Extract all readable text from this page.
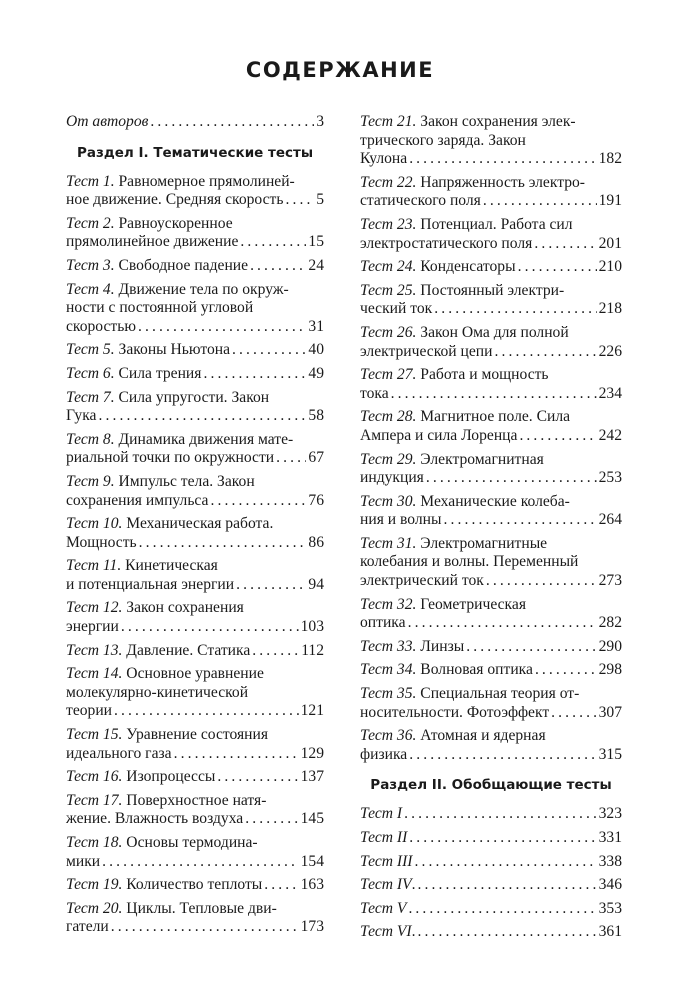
СОДЕРЖАНИЕ
От авторов . . .	3
Раздел I. Тематические тесты
Тест 1. Равномерное прямолиней-
ное движение. Средняя скорость . . . 5
Тест 2. Равноускоренное
прямолинейное движение . . .	15
Тест 3. Свободное падение . . .	24
Тест 4. Движение тела по окруж-
ности с постоянной угловой
скоростью . . .	31
Тест 5. Законы Ньютона . . .	40
Тест 6. Сила трения . . .	49
Тест 7. Сила упругости. Закон
Гука . . .	58
Тест 8. Динамика движения мате-
риальной точки по окружности . . . 67
Тест 9. Импульс тела. Закон
сохранения импульса . . .	76
Тест 10. Механическая работа.
Мощность . . .	86
Тест 11. Кинетическая
и потенциальная энергии . . .	94
Тест 12. Закон сохранения
энергии . . .	103
Тест 13. Давление. Статика . . .	112
Тест 14. Основное уравнение
молекулярно-кинетической
теории . . .	121
Тест 15. Уравнение состояния
идеального газа . . .	129
Тест 16. Изопроцессы . . .	137
Тест 17. Поверхностное натя-
жение. Влажность воздуха . . .	145
Тест 18. Основы термодина-
мики . . .	154
Тест 19. Количество теплоты . . . 163
Тест 20. Циклы. Тепловые дви-
гатели . . .	173
Тест 21. Закон сохранения элек-
трического заряда. Закон
Кулона . . .	182
Тест 22. Напряженность электро-
статического поля . . .	191
Тест 23. Потенциал. Работа сил
электростатического поля . . .	201
Тест 24. Конденсаторы . . .	210
Тест 25. Постоянный электри-
ческий ток . . .	218
Тест 26. Закон Ома для полной
электрической цепи . . .	226
Тест 27. Работа и мощность
тока . . .	234
Тест 28. Магнитное поле. Сила
Ампера и сила Лоренца . . .	242
Тест 29. Электромагнитная
индукция . . .	253
Тест 30. Механические колеба-
ния и волны . . .	264
Тест 31. Электромагнитные
колебания и волны. Переменный
электрический ток . . .	273
Тест 32. Геометрическая
оптика . . .	282
Тест 33. Линзы . . .	290
Тест 34. Волновая оптика . . .	298
Тест 35. Специальная теория от-
носительности. Фотоэффект . . .	307
Тест 36. Атомная и ядерная
физика . . .	315
Раздел II. Обобщающие тесты
Тест I . . .	323
Тест II . . .	331
Тест III . . .	338
Тест IV. . . .	346
Тест V . . .	353
Тест VI. . . .	361
